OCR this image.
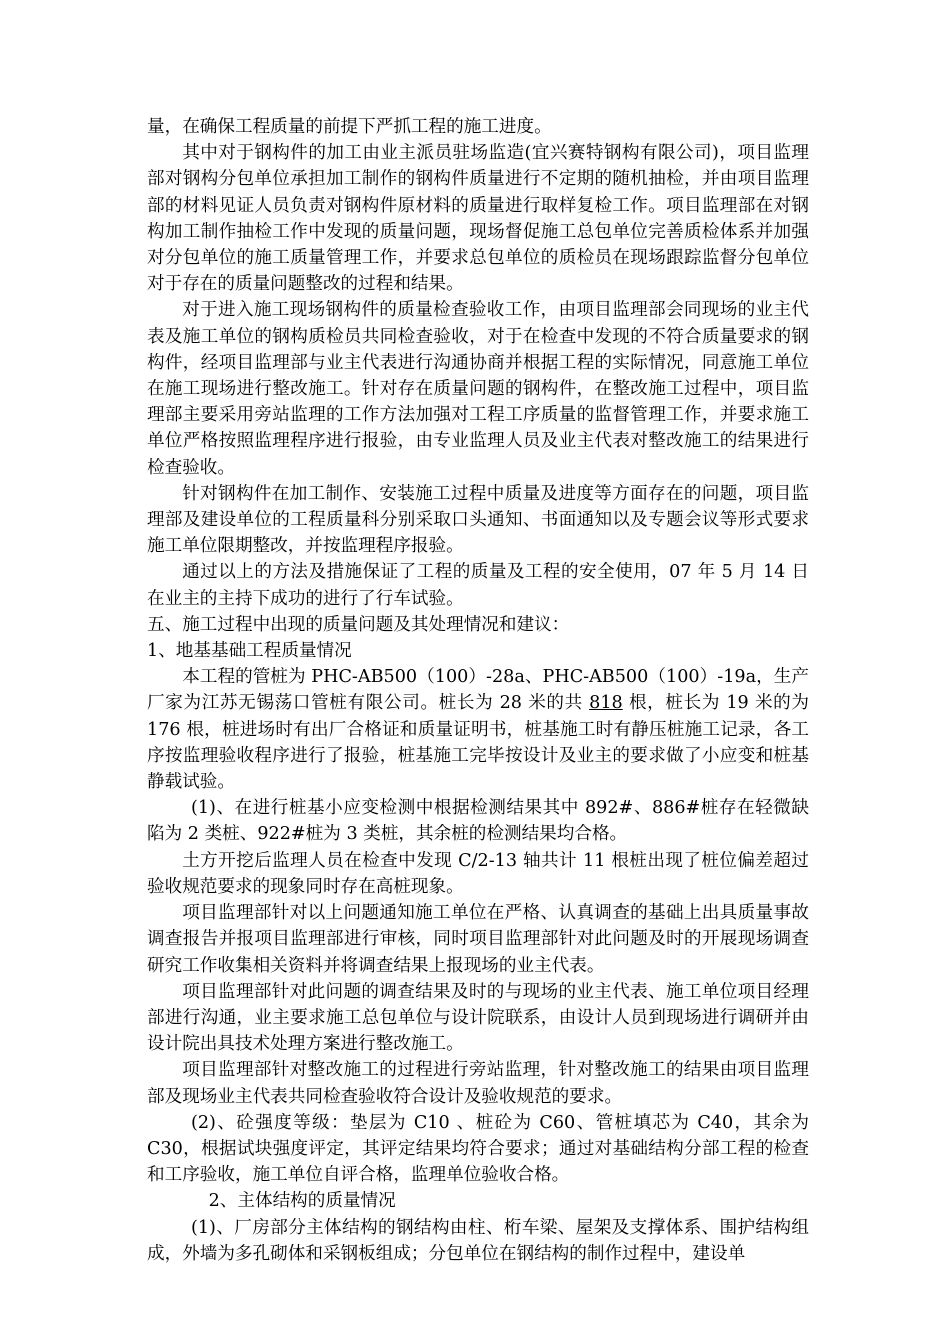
量，在确保工程质量的前提下严抓工程的施工进度。

其中对于钢构件的加工由业主派员驻场监造(宜兴赛特钢构有限公司)，项目监理部对钢构分包单位承担加工制作的钢构件质量进行不定期的随机抽检，并由项目监理部的材料见证人员负责对钢构件原材料的质量进行取样复检工作。项目监理部在对钢构加工制作抽检工作中发现的质量问题，现场督促施工总包单位完善质检体系并加强对分包单位的施工质量管理工作，并要求总包单位的质检员在现场跟踪监督分包单位对于存在的质量问题整改的过程和结果。

对于进入施工现场钢构件的质量检查验收工作，由项目监理部会同现场的业主代表及施工单位的钢构质检员共同检查验收，对于在检查中发现的不符合质量要求的钢构件，经项目监理部与业主代表进行沟通协商并根据工程的实际情况，同意施工单位在施工现场进行整改施工。针对存在质量问题的钢构件，在整改施工过程中，项目监理部主要采用旁站监理的工作方法加强对工程工序质量的监督管理工作，并要求施工单位严格按照监理程序进行报验，由专业监理人员及业主代表对整改施工的结果进行检查验收。

针对钢构件在加工制作、安装施工过程中质量及进度等方面存在的问题，项目监理部及建设单位的工程质量科分别采取口头通知、书面通知以及专题会议等形式要求施工单位限期整改，并按监理程序报验。

通过以上的方法及措施保证了工程的质量及工程的安全使用，07 年 5 月 14 日在业主的主持下成功的进行了行车试验。

五、施工过程中出现的质量问题及其处理情况和建议：

1、地基基础工程质量情况

本工程的管桩为 PHC-AB500（100）-28a、PHC-AB500（100）-19a，生产厂家为江苏无锡荡口管桩有限公司。桩长为 28 米的共 818 根，桩长为 19 米的为 176 根，桩进场时有出厂合格证和质量证明书，桩基施工时有静压桩施工记录，各工序按监理验收程序进行了报验，桩基施工完毕按设计及业主的要求做了小应变和桩基静载试验。

(1)、在进行桩基小应变检测中根据检测结果其中 892#、886#桩存在轻微缺陷为 2 类桩、922#桩为 3 类桩，其余桩的检测结果均合格。

土方开挖后监理人员在检查中发现 C/2-13 轴共计 11 根桩出现了桩位偏差超过验收规范要求的现象同时存在高桩现象。

项目监理部针对以上问题通知施工单位在严格、认真调查的基础上出具质量事故调查报告并报项目监理部进行审核，同时项目监理部针对此问题及时的开展现场调查研究工作收集相关资料并将调查结果上报现场的业主代表。

项目监理部针对此问题的调查结果及时的与现场的业主代表、施工单位项目经理部进行沟通，业主要求施工总包单位与设计院联系，由设计人员到现场进行调研并由设计院出具技术处理方案进行整改施工。

项目监理部针对整改施工的过程进行旁站监理，针对整改施工的结果由项目监理部及现场业主代表共同检查验收符合设计及验收规范的要求。

(2)、砼强度等级：垫层为 C10 、桩砼为 C60、管桩填芯为 C40，其余为 C30，根据试块强度评定，其评定结果均符合要求；通过对基础结构分部工程的检查和工序验收，施工单位自评合格，监理单位验收合格。

2、主体结构的质量情况

(1)、厂房部分主体结构的钢结构由柱、桁车梁、屋架及支撑体系、围护结构组成，外墙为多孔砌体和采钢板组成；分包单位在钢结构的制作过程中，建设单
